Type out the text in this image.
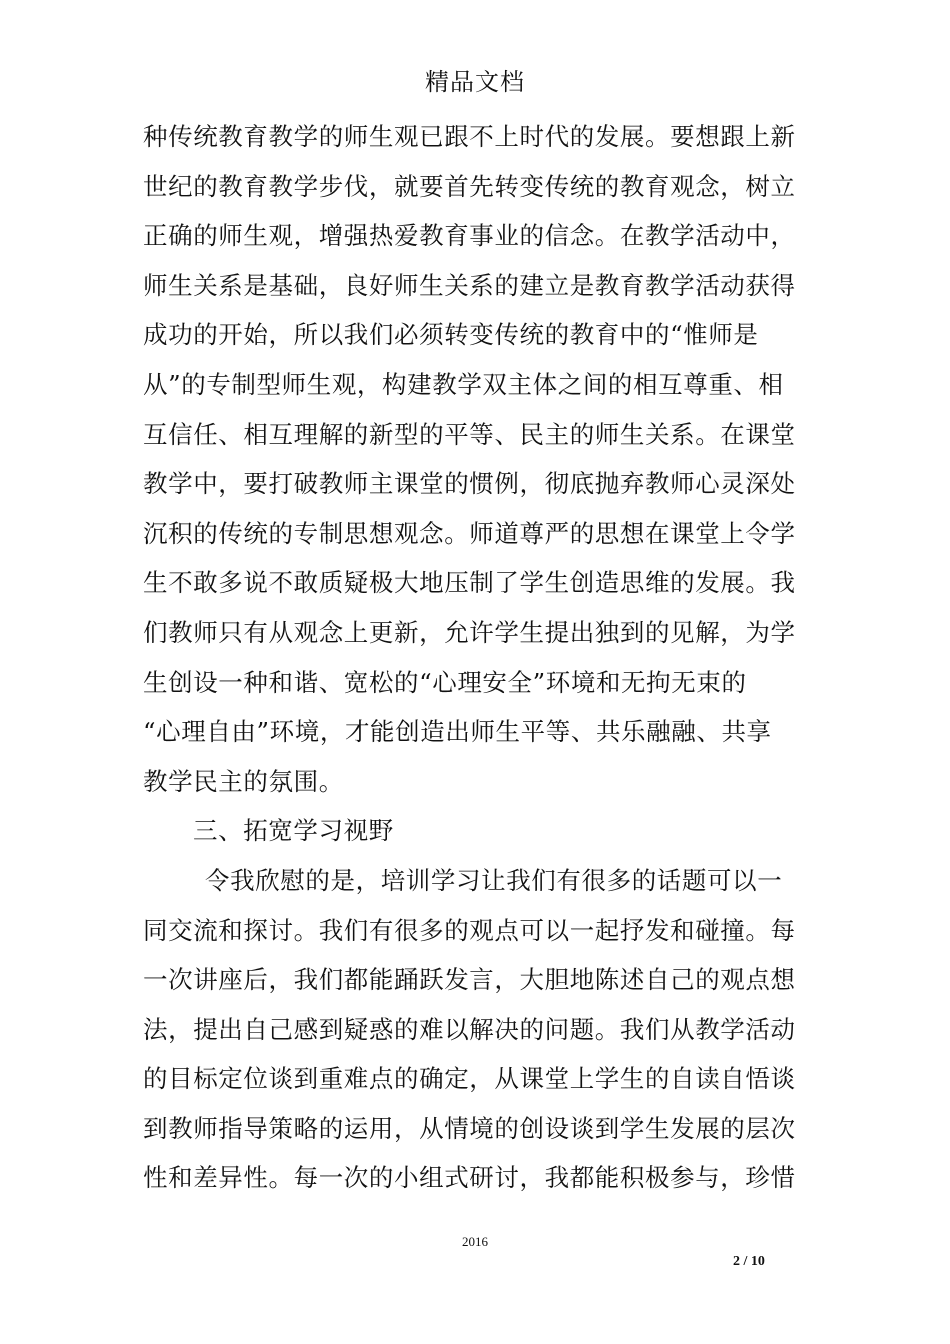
精品文档
种传统教育教学的师生观已跟不上时代的发展。要想跟上新
世纪的教育教学步伐，就要首先转变传统的教育观念，树立
正确的师生观，增强热爱教育事业的信念。在教学活动中，
师生关系是基础，良好师生关系的建立是教育教学活动获得
成功的开始，所以我们必须转变传统的教育中的“惟师是
从”的专制型师生观，构建教学双主体之间的相互尊重、相
互信任、相互理解的新型的平等、民主的师生关系。在课堂
教学中，要打破教师主课堂的惯例，彻底抛弃教师心灵深处
沉积的传统的专制思想观念。师道尊严的思想在课堂上令学
生不敢多说不敢质疑极大地压制了学生创造思维的发展。我
们教师只有从观念上更新，允许学生提出独到的见解，为学
生创设一种和谐、宽松的“心理安全”环境和无拘无束的
“心理自由”环境，才能创造出师生平等、共乐融融、共享
教学民主的氛围。
三、拓宽学习视野
令我欣慰的是，培训学习让我们有很多的话题可以一
同交流和探讨。我们有很多的观点可以一起抒发和碰撞。每
一次讲座后，我们都能踊跃发言，大胆地陈述自己的观点想
法，提出自己感到疑惑的难以解决的问题。我们从教学活动
的目标定位谈到重难点的确定，从课堂上学生的自读自悟谈
到教师指导策略的运用，从情境的创设谈到学生发展的层次
性和差异性。每一次的小组式研讨，我都能积极参与，珍惜
2016
2 / 10
